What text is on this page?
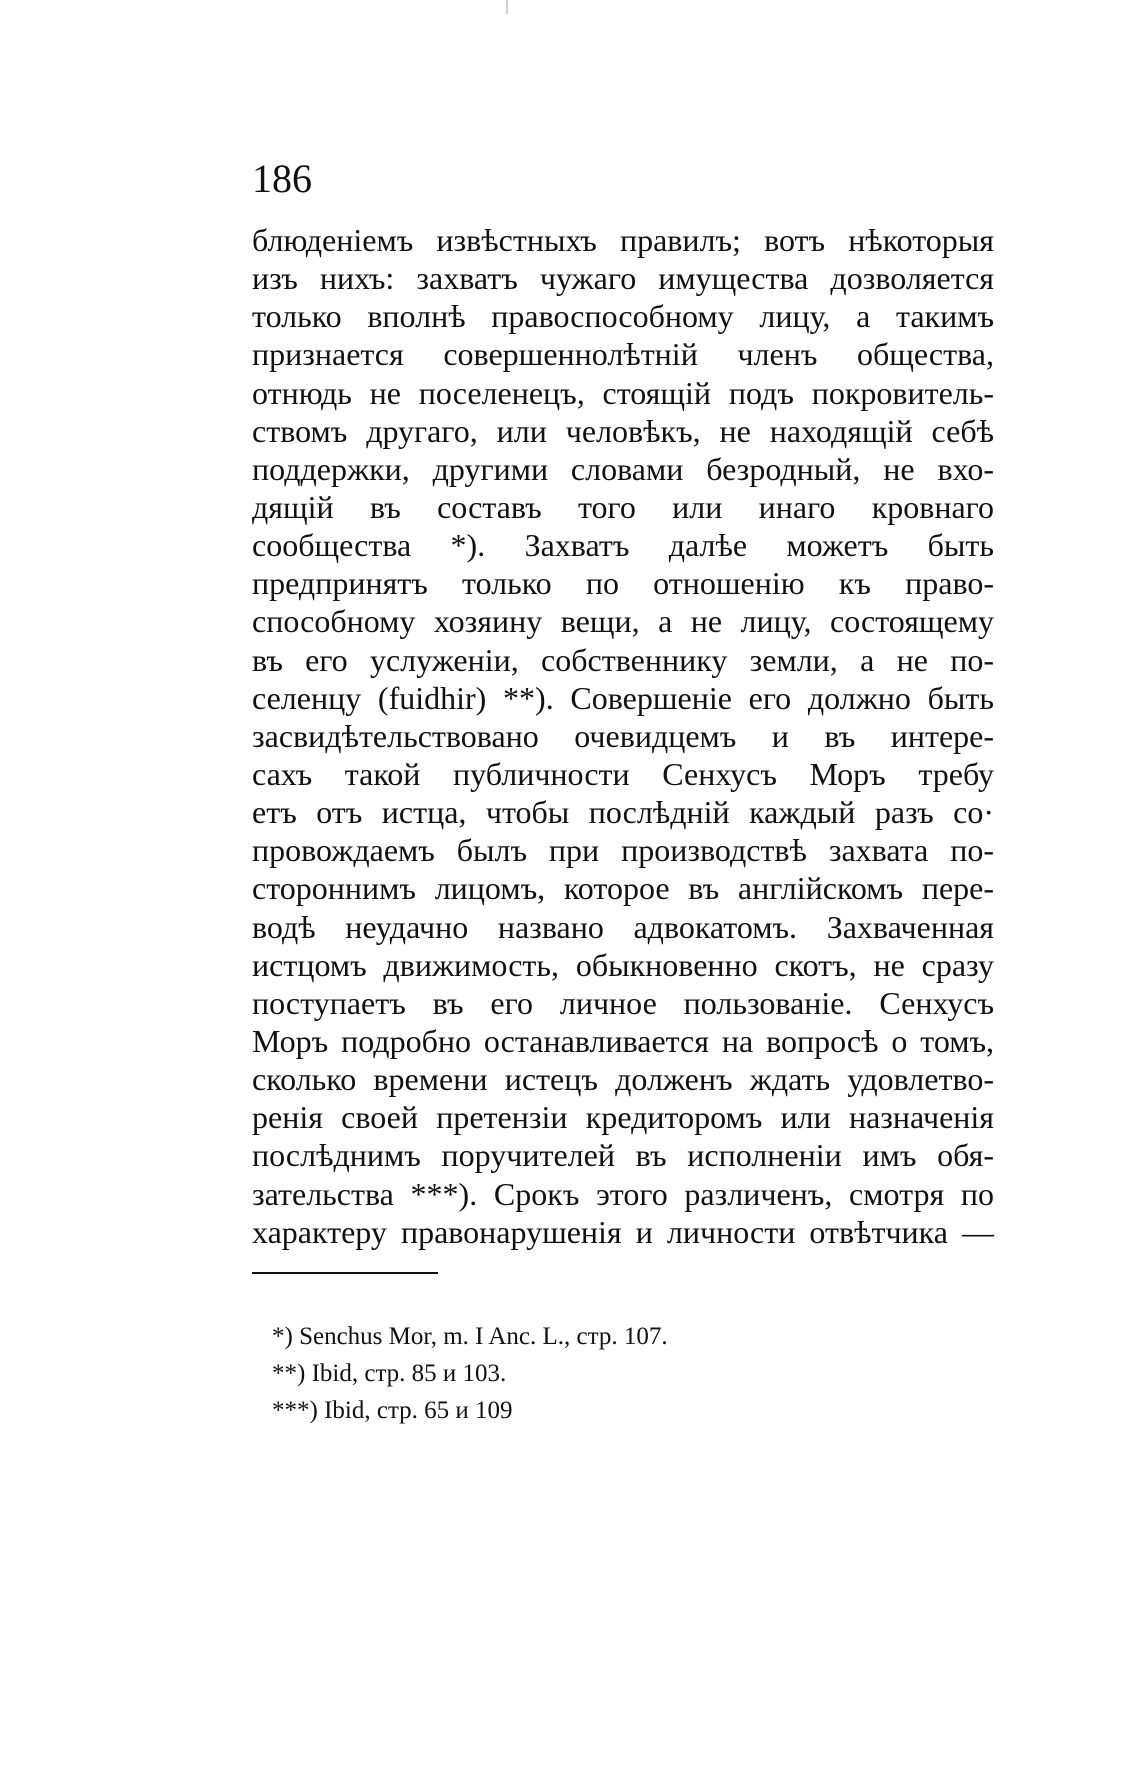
186
блюденіемъ извѣстныхъ правилъ; вотъ нѣкоторыя
изъ нихъ: захватъ чужаго имущества дозволяется
только вполнѣ правоспособному лицу, а такимъ
признается совершеннолѣтній членъ общества,
отнюдь не поселенецъ, стоящій подъ покровитель-
ствомъ другаго, или человѣкъ, не находящій себѣ
поддержки, другими словами безродный, не вхо-
дящій въ составъ того или инаго кровнаго
сообщества *). Захватъ далѣе можетъ быть
предпринятъ только по отношенію къ право-
способному хозяину вещи, а не лицу, состоящему
въ его услуженіи, собственнику земли, а не по-
селенцу (fuidhir) **). Совершеніе его должно быть
засвидѣтельствовано очевидцемъ и въ интере-
сахъ такой публичности Сенхусъ Моръ требу
етъ отъ истца, чтобы послѣдній каждый разъ со·
провождаемъ былъ при производствѣ захвата по-
стороннимъ лицомъ, которое въ англійскомъ пере-
водѣ неудачно названо адвокатомъ. Захваченная
истцомъ движимость, обыкновенно скотъ, не сразу
поступаетъ въ его личное пользованіе. Сенхусъ
Моръ подробно останавливается на вопросѣ о томъ,
сколько времени истецъ долженъ ждать удовлетво-
ренія своей претензіи кредиторомъ или назначенія
послѣднимъ поручителей въ исполненіи имъ обя-
зательства ***). Срокъ этого различенъ, смотря по
характеру правонарушенія и личности отвѣтчика —
*) Senchus Mor, m. I Anc. L., стр. 107.
**) Ibid, стр. 85 и 103.
***) Ibid, стр. 65 и 109
